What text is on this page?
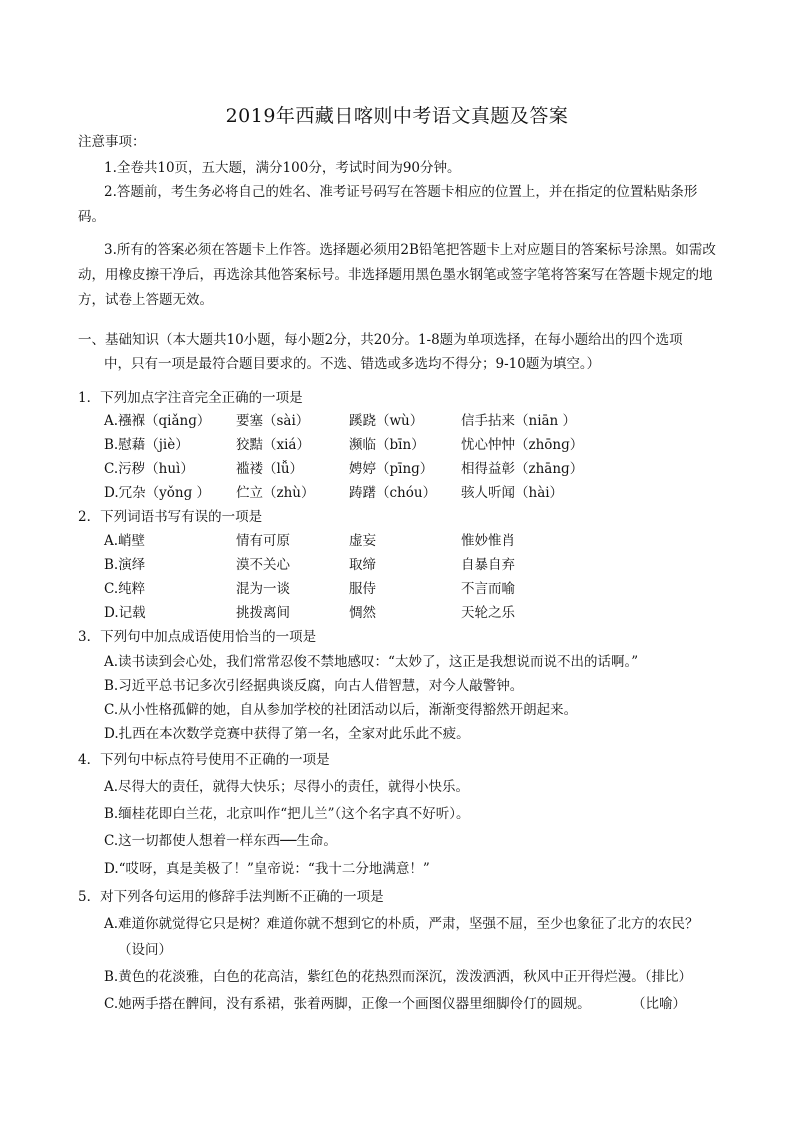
2019年西藏日喀则中考语文真题及答案
注意事项：
1.全卷共10页，五大题，满分100分，考试时间为90分钟。
2.答题前，考生务必将自己的姓名、准考证号码写在答题卡相应的位置上，并在指定的位置粘贴条形码。
3.所有的答案必须在答题卡上作答。选择题必须用2B铅笔把答题卡上对应题目的答案标号涂黑。如需改动，用橡皮擦干净后，再选涂其他答案标号。非选择题用黑色墨水钢笔或签字笔将答案写在答题卡规定的地方，试卷上答题无效。
一、基础知识（本大题共10小题，每小题2分，共20分。1-8题为单项选择，在每小题给出的四个选项
中，只有一项是最符合题目要求的。不选、错选或多选均不得分；9-10题为填空。）
1．下列加点字注音完全正确的一项是
A.襁褓（qiǎnɡ） 要塞（sài）	蹊跷（wù）	信手拈来（niān ）
B.慰藉（jiè）	狡黠（xiá）	濒临（bīn）	忧心忡忡（zhōnɡ）
C.污秽（huì）	褴褛（lǚ）	娉婷（pīnɡ） 相得益彰（zhānɡ）
D.冗杂（yǒnɡ ） 伫立（zhù）	踌躇（chóu） 骇人听闻（hài）
2．下列词语书写有误的一项是
A.峭壁	情有可原	虚妄	惟妙惟肖
B.演绎	漠不关心	取缔	自暴自弃
C.纯粹	混为一谈	服侍	不言而喻
D.记载	挑拨离间	惆然	天轮之乐
3．下列句中加点成语使用恰当的一项是
A.读书读到会心处，我们常常忍俊不禁地感叹：“太妙了，这正是我想说而说不出的话啊。”
B.习近平总书记多次引经据典谈反腐，向古人借智慧，对今人敲警钟。
C.从小性格孤僻的她，自从参加学校的社团活动以后，渐渐变得豁然开朗起来。
D.扎西在本次数学竞赛中获得了第一名，全家对此乐此不疲。
4．下列句中标点符号使用不正确的一项是
A.尽得大的责任，就得大快乐；尽得小的责任，就得小快乐。
B.缅桂花即白兰花，北京叫作“把儿兰”（这个名字真不好听）。
C.这一切都使人想着一样东西──生命。
D.“哎呀，真是美极了！”皇帝说：“我十二分地满意！”
5．对下列各句运用的修辞手法判断不正确的一项是
A.难道你就觉得它只是树？难道你就不想到它的朴质，严肃，坚强不屈，至少也象征了北方的农民？
（设问）
B.黄色的花淡雅，白色的花高洁，紫红色的花热烈而深沉，泼泼洒洒，秋风中正开得烂漫。（排比）
C.她两手搭在髀间，没有系裙，张着两脚，正像一个画图仪器里细脚伶仃的圆规。	（比喻）
